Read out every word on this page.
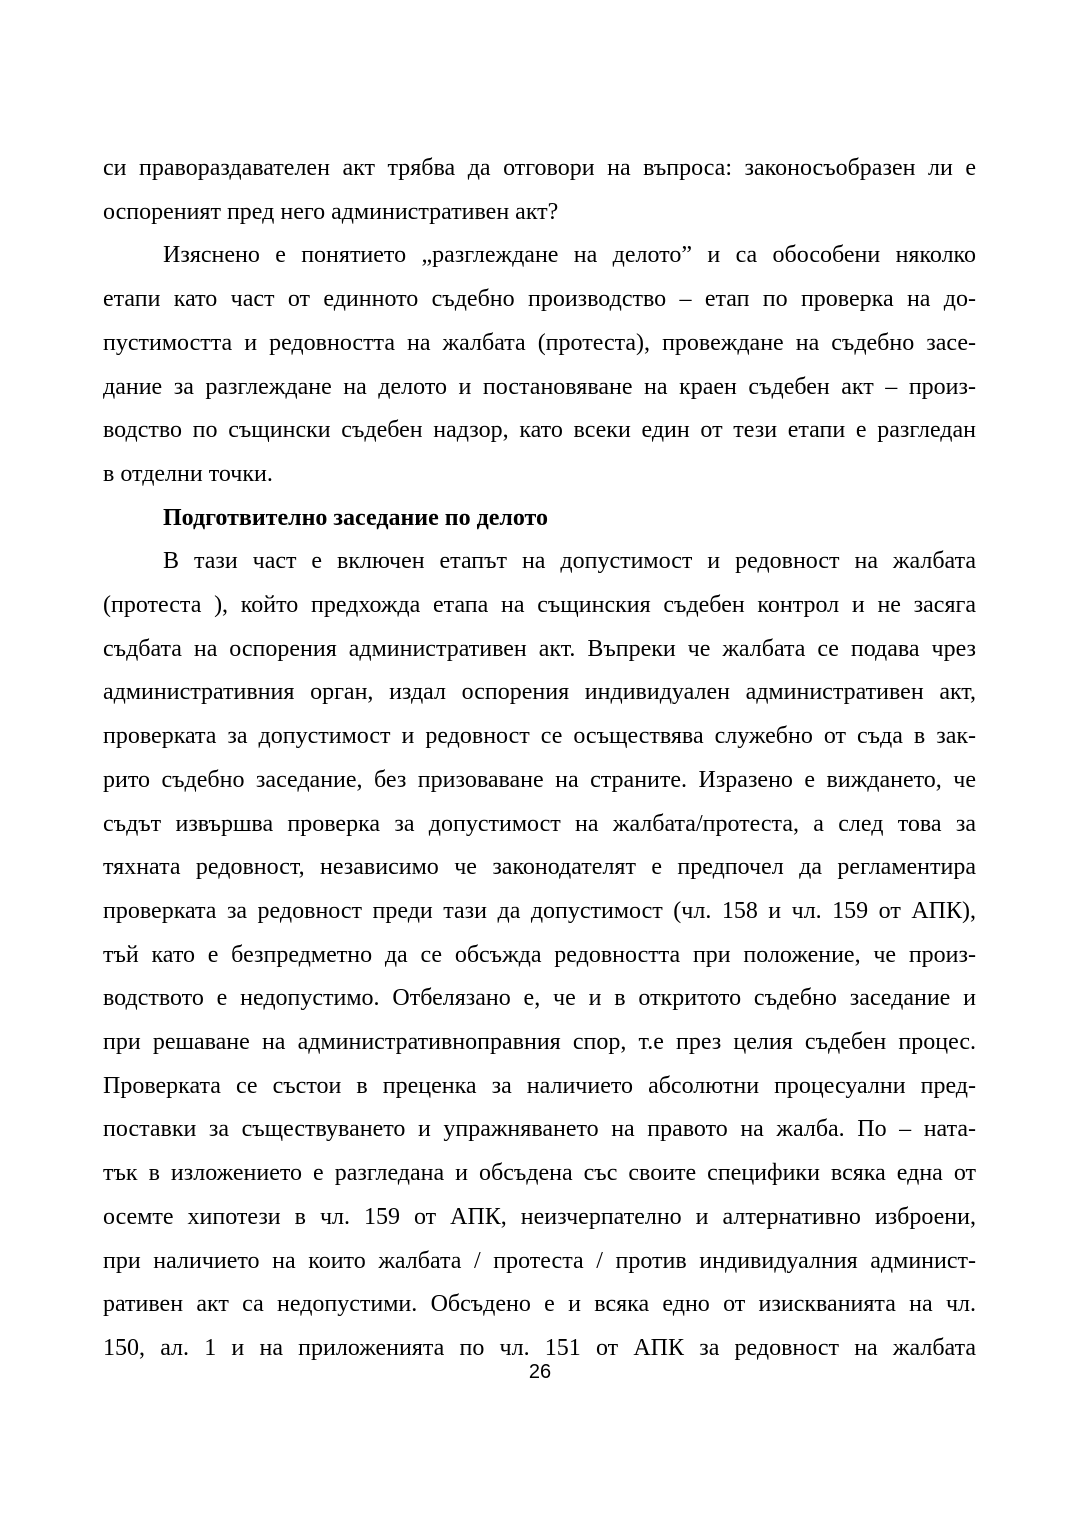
си правораздавателен акт трябва да отговори на въпроса: законосъобразен ли е
оспореният пред него административен акт?
Изяснено е понятието „разглеждане на делото” и са обособени няколко
етапи като част от единното съдебно производство – етап по проверка на до-
пустимостта и редовността на жалбата (протеста), провеждане на съдебно засе-
дание за разглеждане на делото и постановяване на краен съдебен акт – произ-
водство по същински съдебен надзор, като всеки един от тези етапи е разгледан
в отделни точки.
Подготвително заседание по делото
В тази част е включен етапът на допустимост и редовност на жалбата
(протеста ), който предхожда етапа на същинския съдебен контрол и не засяга
съдбата на оспорения административен акт. Въпреки че жалбата се подава чрез
административния орган, издал оспорения индивидуален административен акт,
проверката за допустимост и редовност се осъществява служебно от съда в зак-
рито съдебно заседание, без призоваване на страните. Изразено е виждането, че
съдът извършва проверка за допустимост на жалбата/протеста, а след това за
тяхната редовност, независимо че законодателят е предпочел да регламентира
проверката за редовност преди тази да допустимост (чл. 158 и чл. 159 от АПК),
тъй като е безпредметно да се обсъжда редовността при положение, че произ-
водството е недопустимо. Отбелязано е, че и в откритото съдебно заседание и
при решаване на административноправния спор, т.е през целия съдебен процес.
Проверката се състои в преценка за наличието абсолютни процесуални пред-
поставки за съществуването и упражняването на правото на жалба. По – ната-
тък в изложението е разгледана и обсъдена със своите специфики всяка една от
осемте хипотези в чл. 159 от АПК, неизчерпателно и алтернативно изброени,
при наличието на които жалбата / протеста / против индивидуалния админист-
ративен акт са недопустими. Обсъдено е и всяка едно от изискванията на чл.
150, ал. 1 и на приложенията по чл. 151 от АПК за редовност на жалбата
26
